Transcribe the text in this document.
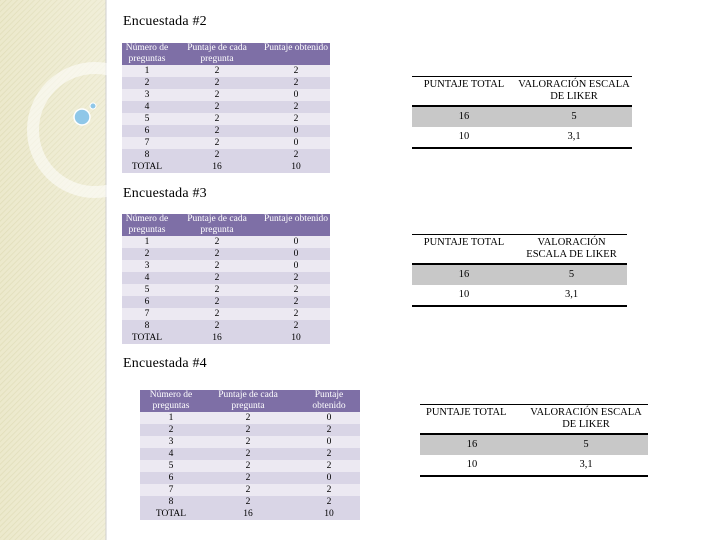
Encuestada #2
Número de preguntas		Puntaje de cada pregunta		Puntaje obtenido
1		2		2
2		2		2
3		2		0
4		2		2
5		2		2
6		2		0
7		2		0
8		2		2
TOTAL		16		10
PUNTAJE TOTAL	VALORACIÓN ESCALA DE LIKER
16	5
10	3,1
Encuestada #3
Número de preguntas		Puntaje de cada pregunta		Puntaje obtenido
1		2		0
2		2		0
3		2		0
4		2		2
5		2		2
6		2		2
7		2		2
8		2		2
TOTAL		16		10
PUNTAJE TOTAL	VALORACIÓN ESCALA DE LIKER
16	5
10	3,1
Encuestada #4
Número de preguntas		Puntaje de cada pregunta		Puntaje obtenido
1		2		0
2		2		2
3		2		0
4		2		2
5		2		2
6		2		0
7		2		2
8		2		2
TOTAL		16		10
PUNTAJE TOTAL	VALORACIÓN ESCALA DE LIKER
16	5
10	3,1
